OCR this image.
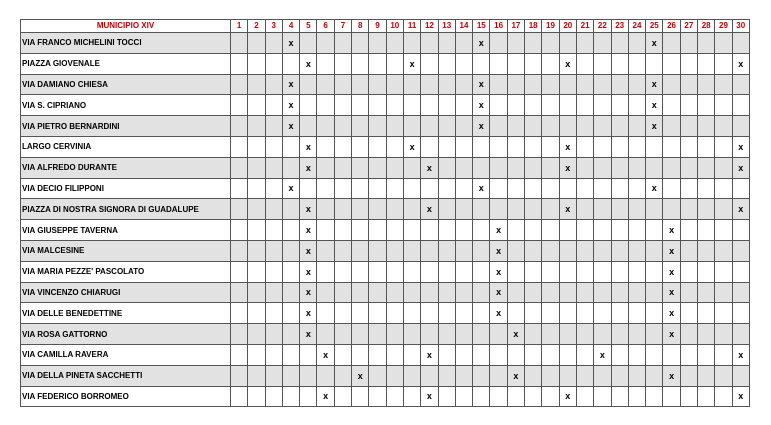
MUNICIPIO XIV	1	2	3	4	5	6	7	8	9	10	11	12	13	14	15	16	17	18	19	20	21	22	23	24	25	26	27	28	29	30
VIA FRANCO MICHELINI TOCCI				x											x										x					
PIAZZA GIOVENALE					x						x									x										x
VIA DAMIANO CHIESA				x											x										x					
VIA S. CIPRIANO				x											x										x					
VIA PIETRO BERNARDINI				x											x										x					
LARGO CERVINIA					x						x									x										x
VIA ALFREDO DURANTE					x							x								x										x
VIA DECIO FILIPPONI				x											x										x					
PIAZZA DI NOSTRA SIGNORA DI GUADALUPE					x							x								x										x
VIA GIUSEPPE TAVERNA					x											x										x				
VIA MALCESINE					x											x										x				
VIA MARIA PEZZE' PASCOLATO					x											x										x				
VIA VINCENZO CHIARUGI					x											x										x				
VIA DELLE BENEDETTINE					x											x										x				
VIA ROSA GATTORNO					x												x									x				
VIA CAMILLA RAVERA						x						x										x								x
VIA DELLA PINETA SACCHETTI								x									x									x				
VIA FEDERICO BORROMEO						x						x								x										x
